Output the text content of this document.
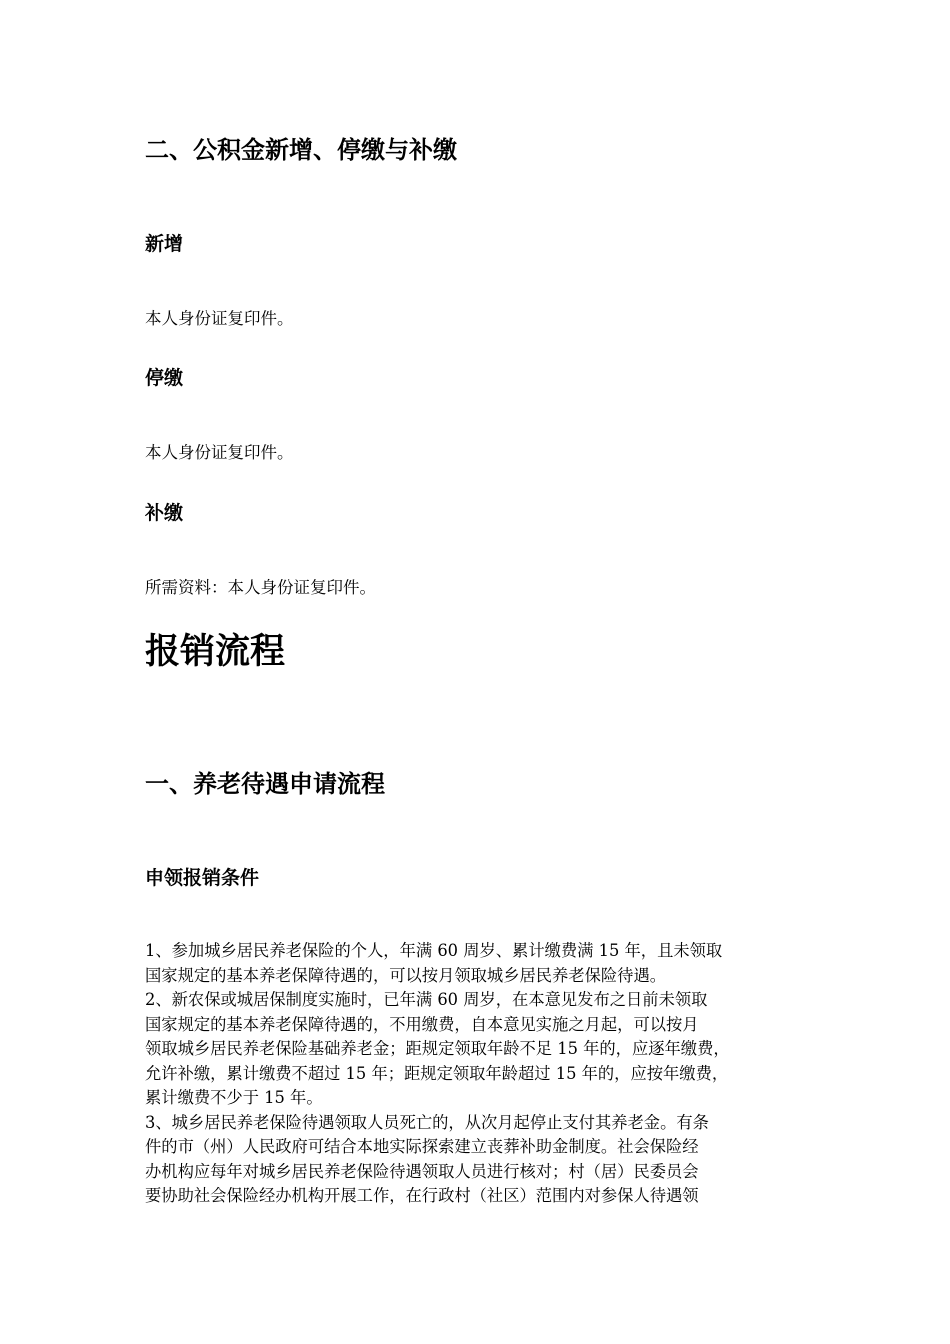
二、公积金新增、停缴与补缴
新增

本人身份证复印件。

停缴

本人身份证复印件。

补缴

所需资料：本人身份证复印件。

报销流程
一、养老待遇申请流程
申领报销条件
1、参加城乡居民养老保险的个人，年满 60 周岁、累计缴费满 15 年，且未领取
国家规定的基本养老保障待遇的，可以按月领取城乡居民养老保险待遇。
2、新农保或城居保制度实施时，已年满 60 周岁，在本意见发布之日前未领取
国家规定的基本养老保障待遇的，不用缴费，自本意见实施之月起，可以按月
领取城乡居民养老保险基础养老金；距规定领取年龄不足 15 年的，应逐年缴费，
允许补缴，累计缴费不超过 15 年；距规定领取年龄超过 15 年的，应按年缴费，
累计缴费不少于 15 年。
3、城乡居民养老保险待遇领取人员死亡的，从次月起停止支付其养老金。有条
件的市（州）人民政府可结合本地实际探索建立丧葬补助金制度。社会保险经
办机构应每年对城乡居民养老保险待遇领取人员进行核对；村（居）民委员会
要协助社会保险经办机构开展工作，在行政村（社区）范围内对参保人待遇领
